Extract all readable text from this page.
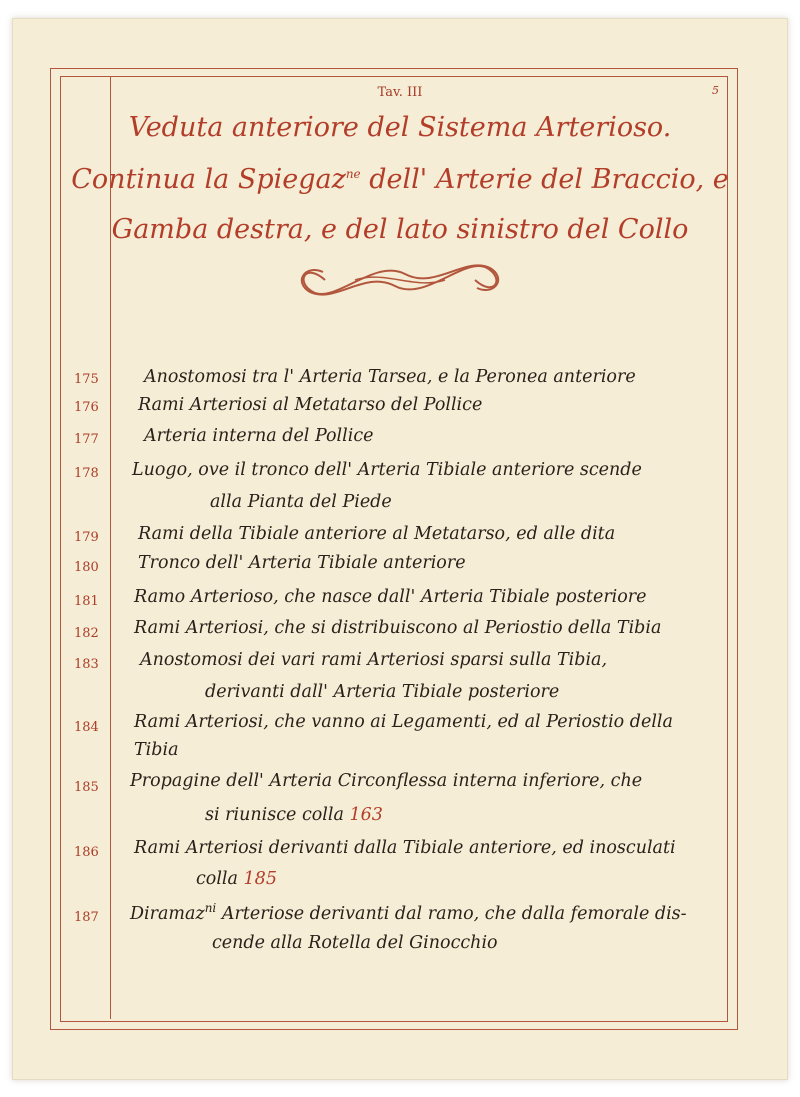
Tav. III	5
Veduta anteriore del Sistema Arterioso.
Continua la Spiegaz$^{ne}$ dell' Arterie del Braccio, e
Gamba destra, e del lato sinistro del Collo
175	Anostomosi tra l' Arteria Tarsea, e la Peronea anteriore
176 Rami Arteriosi al Metatarso del Pollice
177	Arteria interna del Pollice
178 Luogo, ove il tronco dell' Arteria Tibiale anteriore scende
alla Pianta del Piede
179 Rami della Tibiale anteriore al Metatarso, ed alle dita
180 Tronco dell' Arteria Tibiale anteriore
181 Ramo Arterioso, che nasce dall' Arteria Tibiale posteriore
182 Rami Arteriosi, che si distribuiscono al Periostio della Tibia
183 Anostomosi dei vari rami Arteriosi sparsi sulla Tibia,
derivanti dall' Arteria Tibiale posteriore
184 Rami Arteriosi, che vanno ai Legamenti, ed al Periostio della
Tibia
185 Propagine dell' Arteria Circonflessa interna inferiore, che
si riunisce colla 163
186 Rami Arteriosi derivanti dalla Tibiale anteriore, ed inosculati
colla 185
187 Diramaz$^{ni}$ Arteriose derivanti dal ramo, che dalla femorale dis-
cende alla Rotella del Ginocchio
